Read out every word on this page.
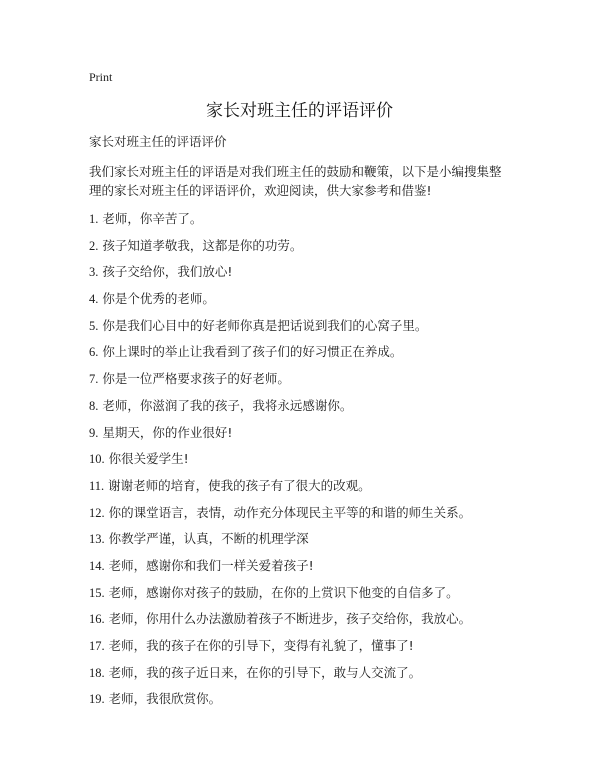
Print
家长对班主任的评语评价

家长对班主任的评语评价

我们家长对班主任的评语是对我们班主任的鼓励和鞭策，以下是小编搜集整理的家长对班主任的评语评价，欢迎阅读，供大家参考和借鉴!

1. 老师，你辛苦了。
2. 孩子知道孝敬我，这都是你的功劳。
3. 孩子交给你，我们放心!
4. 你是个优秀的老师。
5. 你是我们心目中的好老师你真是把话说到我们的心窝子里。
6. 你上课时的举止让我看到了孩子们的好习惯正在养成。
7. 你是一位严格要求孩子的好老师。
8. 老师，你滋润了我的孩子，我将永远感谢你。
9. 星期天，你的作业很好!
10. 你很关爱学生!
11. 谢谢老师的培育，使我的孩子有了很大的改观。
12. 你的课堂语言，表情，动作充分体现民主平等的和谐的师生关系。
13. 你教学严谨，认真，不断的机理学深
14. 老师，感谢你和我们一样关爱着孩子!
15. 老师，感谢你对孩子的鼓励，在你的上赏识下他变的自信多了。
16. 老师，你用什么办法激励着孩子不断进步，孩子交给你，我放心。
17. 老师，我的孩子在你的引导下，变得有礼貌了，懂事了!
18. 老师，我的孩子近日来，在你的引导下，敢与人交流了。
19. 老师，我很欣赏你。
